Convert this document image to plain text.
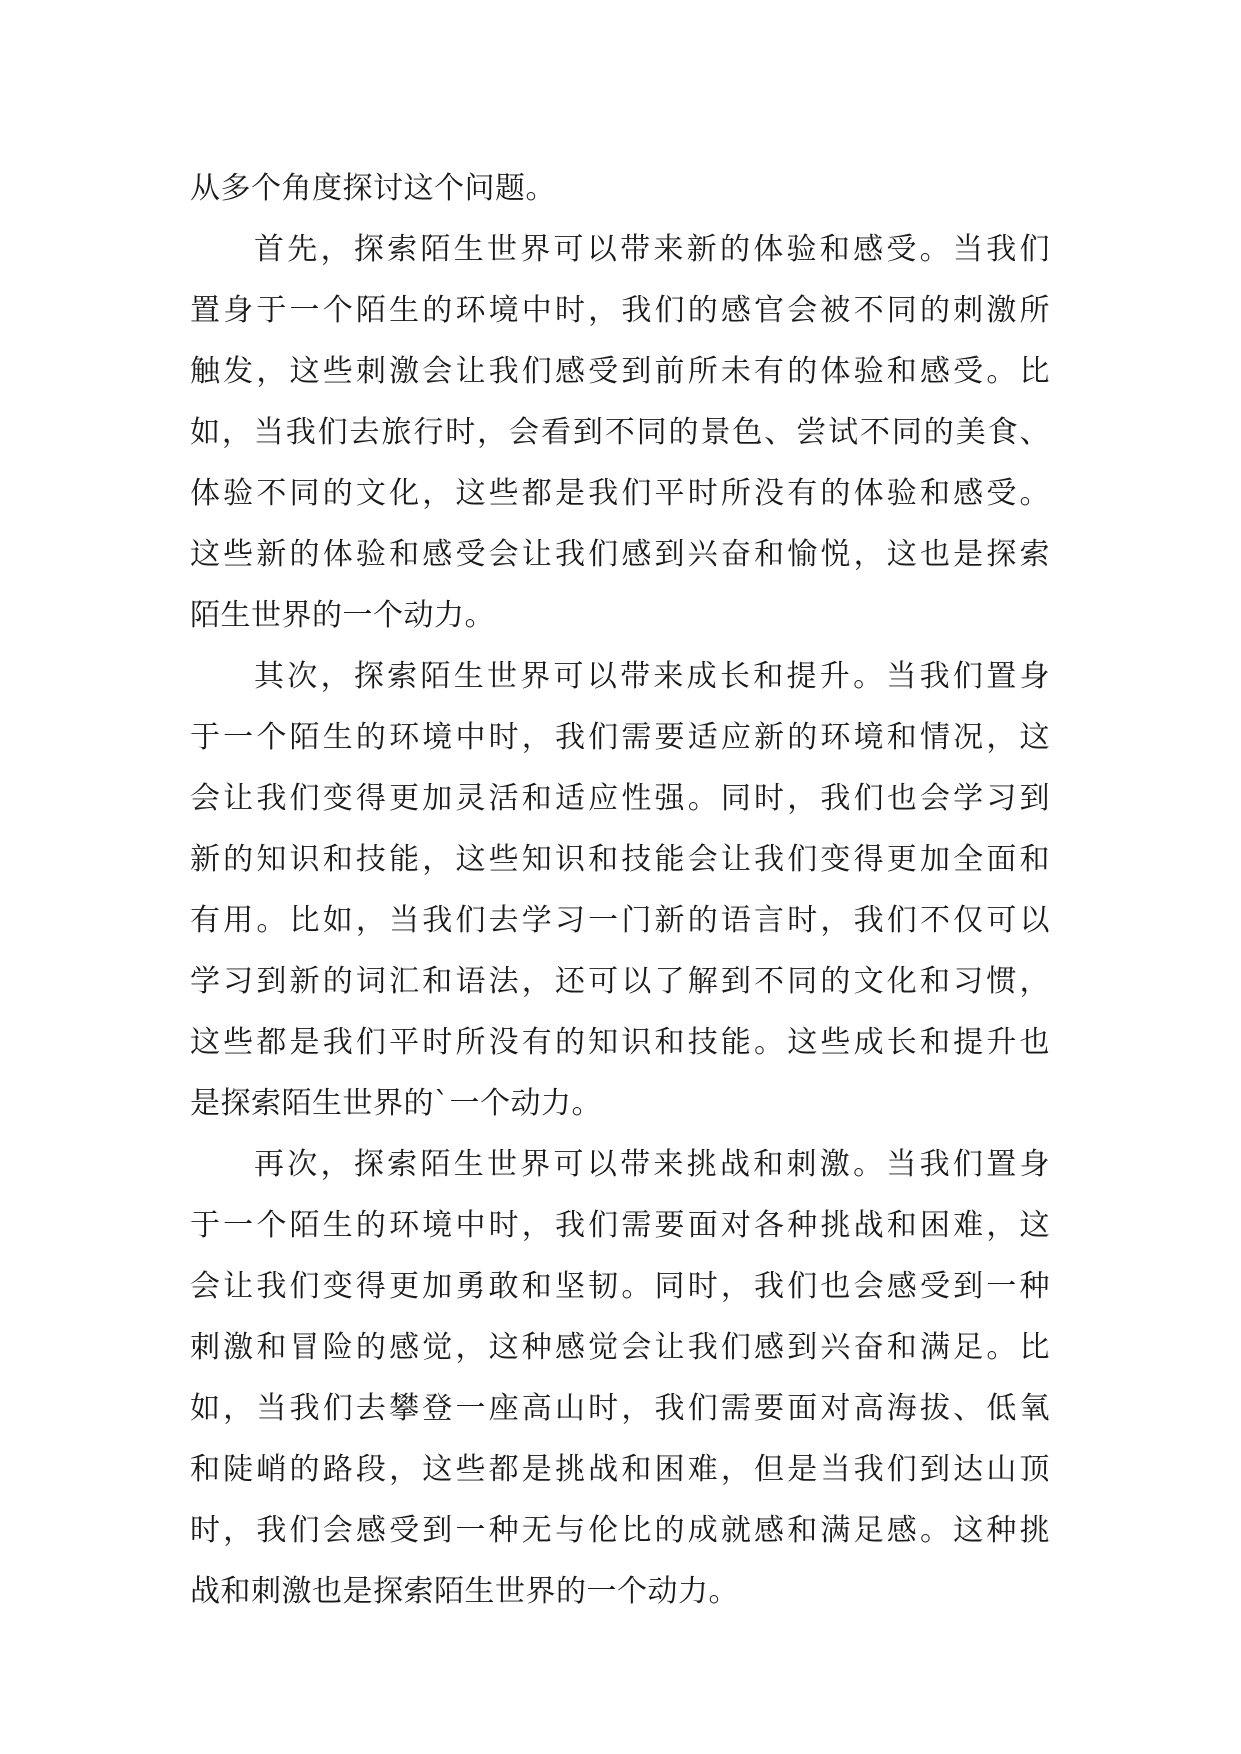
从多个角度探讨这个问题。
首先，探索陌生世界可以带来新的体验和感受。当我们
置身于一个陌生的环境中时，我们的感官会被不同的刺激所
触发，这些刺激会让我们感受到前所未有的体验和感受。比
如，当我们去旅行时，会看到不同的景色、尝试不同的美食、
体验不同的文化，这些都是我们平时所没有的体验和感受。
这些新的体验和感受会让我们感到兴奋和愉悦，这也是探索
陌生世界的一个动力。
其次，探索陌生世界可以带来成长和提升。当我们置身
于一个陌生的环境中时，我们需要适应新的环境和情况，这
会让我们变得更加灵活和适应性强。同时，我们也会学习到
新的知识和技能，这些知识和技能会让我们变得更加全面和
有用。比如，当我们去学习一门新的语言时，我们不仅可以
学习到新的词汇和语法，还可以了解到不同的文化和习惯，
这些都是我们平时所没有的知识和技能。这些成长和提升也
是探索陌生世界的`一个动力。
再次，探索陌生世界可以带来挑战和刺激。当我们置身
于一个陌生的环境中时，我们需要面对各种挑战和困难，这
会让我们变得更加勇敢和坚韧。同时，我们也会感受到一种
刺激和冒险的感觉，这种感觉会让我们感到兴奋和满足。比
如，当我们去攀登一座高山时，我们需要面对高海拔、低氧
和陡峭的路段，这些都是挑战和困难，但是当我们到达山顶
时，我们会感受到一种无与伦比的成就感和满足感。这种挑
战和刺激也是探索陌生世界的一个动力。
